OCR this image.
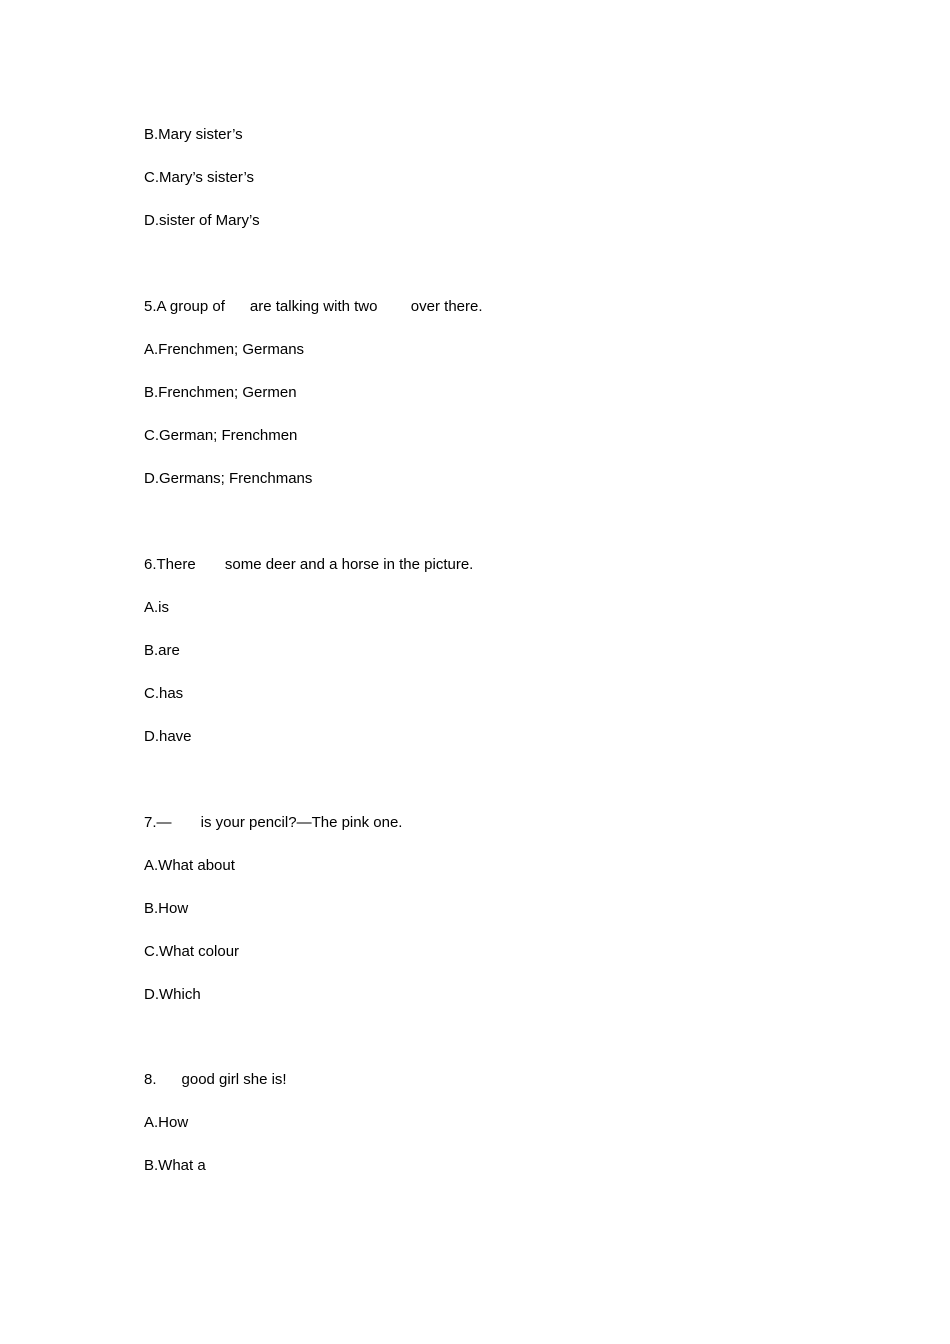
B.Mary sister’s
C.Mary’s sister’s
D.sister of Mary’s
5.A group of      are talking with two        over there.
A.Frenchmen; Germans
B.Frenchmen; Germen
C.German; Frenchmen
D.Germans; Frenchmans
6.There       some deer and a horse in the picture.
A.is
B.are
C.has
D.have
7.—       is your pencil?—The pink one.
A.What about
B.How
C.What colour
D.Which
8.      good girl she is!
A.How
B.What a
